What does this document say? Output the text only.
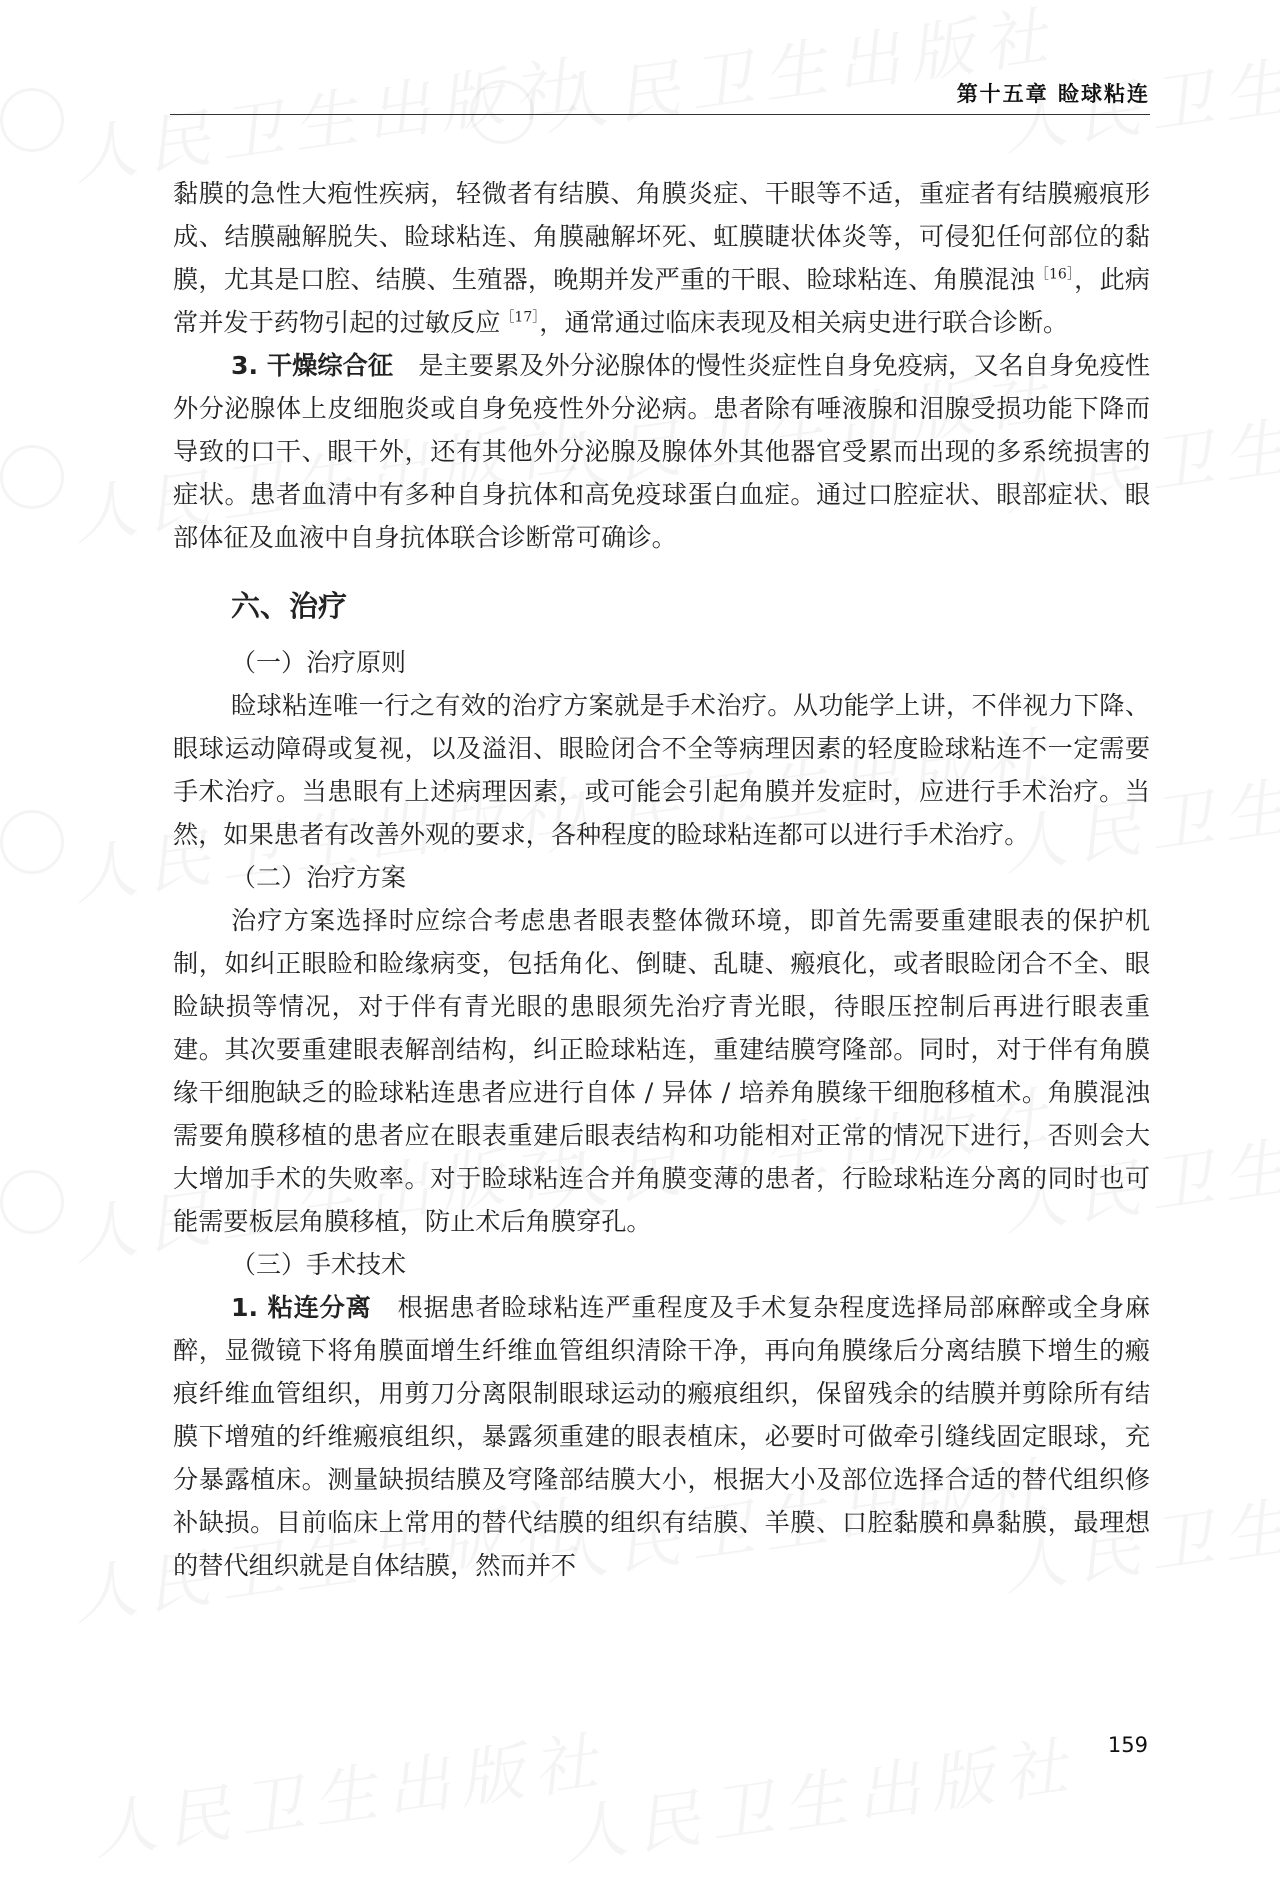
第十五章 睑球粘连

黏膜的急性大疱性疾病，轻微者有结膜、角膜炎症、干眼等不适，重症者有结膜瘢痕形成、结膜融解脱失、睑球粘连、角膜融解坏死、虹膜睫状体炎等，可侵犯任何部位的黏膜，尤其是口腔、结膜、生殖器，晚期并发严重的干眼、睑球粘连、角膜混浊$^{[16]}$，此病常并发于药物引起的过敏反应$^{[17]}$，通常通过临床表现及相关病史进行联合诊断。

3. 干燥综合征　 是主要累及外分泌腺体的慢性炎症性自身免疫病，又名自身免疫性外分泌腺体上皮细胞炎或自身免疫性外分泌病。患者除有唾液腺和泪腺受损功能下降而导致的口干、眼干外，还有其他外分泌腺及腺体外其他器官受累而出现的多系统损害的症状。患者血清中有多种自身抗体和高免疫球蛋白血症。通过口腔症状、眼部症状、眼部体征及血液中自身抗体联合诊断常可确诊。

六、治疗
（一）治疗原则

睑球粘连唯一行之有效的治疗方案就是手术治疗。从功能学上讲，不伴视力下降、眼球运动障碍或复视，以及溢泪、眼睑闭合不全等病理因素的轻度睑球粘连不一定需要手术治疗。当患眼有上述病理因素，或可能会引起角膜并发症时，应进行手术治疗。当然，如果患者有改善外观的要求，各种程度的睑球粘连都可以进行手术治疗。

（二）治疗方案

治疗方案选择时应综合考虑患者眼表整体微环境，即首先需要重建眼表的保护机制，如纠正眼睑和睑缘病变，包括角化、倒睫、乱睫、瘢痕化，或者眼睑闭合不全、眼睑缺损等情况，对于伴有青光眼的患眼须先治疗青光眼，待眼压控制后再进行眼表重建。其次要重建眼表解剖结构，纠正睑球粘连，重建结膜穹隆部。同时，对于伴有角膜缘干细胞缺乏的睑球粘连患者应进行自体 / 异体 / 培养角膜缘干细胞移植术。角膜混浊需要角膜移植的患者应在眼表重建后眼表结构和功能相对正常的情况下进行，否则会大大增加手术的失败率。对于睑球粘连合并角膜变薄的患者，行睑球粘连分离的同时也可能需要板层角膜移植，防止术后角膜穿孔。

（三）手术技术

1. 粘连分离　 根据患者睑球粘连严重程度及手术复杂程度选择局部麻醉或全身麻醉，显微镜下将角膜面增生纤维血管组织清除干净，再向角膜缘后分离结膜下增生的瘢痕纤维血管组织，用剪刀分离限制眼球运动的瘢痕组织，保留残余的结膜并剪除所有结膜下增殖的纤维瘢痕组织，暴露须重建的眼表植床，必要时可做牵引缝线固定眼球，充分暴露植床。测量缺损结膜及穹隆部结膜大小，根据大小及部位选择合适的替代组织修补缺损。目前临床上常用的替代结膜的组织有结膜、羊膜、口腔黏膜和鼻黏膜，最理想的替代组织就是自体结膜，然而并不

159
